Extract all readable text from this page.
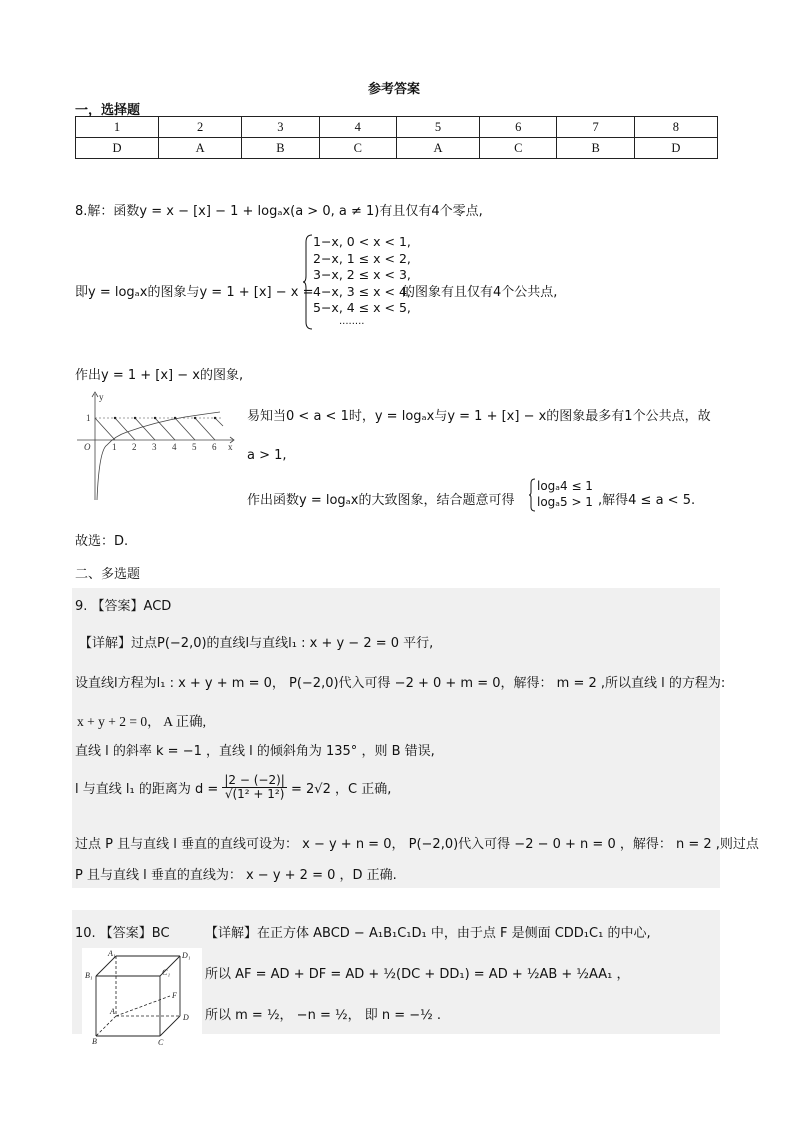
参考答案
一，选择题
1	2	3	4	5	6	7	8
D	A	B	C	A	C	B	D
8.解：函数y = x − [x] − 1 + logₐx(a > 0, a ≠ 1)有且仅有4个零点,
即y = logₐx的图象与y = 1 + [x] − x =
1−x, 0 < x < 1,
2−x, 1 ≤ x < 2,
3−x, 2 ≤ x < 3,
4−x, 3 ≤ x < 4,
5−x, 4 ≤ x < 5,
........
的图象有且仅有4个公共点,
作出y = 1 + [x] − x的图象,
y
x
O
1
1 2 3 4 5 6
易知当0 < a < 1时，y = logₐx与y = 1 + [x] − x的图象最多有1个公共点，故
a > 1,
作出函数y = logₐx的大致图象，结合题意可得
logₐ4 ≤ 1
logₐ5 > 1 ,解得4 ≤ a < 5.
故选：D.
二、多选题
9. 【答案】ACD
【详解】过点P(−2,0)的直线l与直线l₁ : x + y − 2 = 0 平行,
设直线l方程为l₁ : x + y + m = 0， P(−2,0)代入可得 −2 + 0 + m = 0，解得： m = 2 ,所以直线 l 的方程为:
x + y + 2 = 0， A 正确,
直线 l 的斜率 k = −1 ，直线 l 的倾斜角为 135° ，则 B 错误,
l 与直线 l₁ 的距离为 $d = \frac{|2 - (-2)|}{\text{√(1² + 1²)}} = 2√2$ ，C 正确,
过点 P 且与直线 l 垂直的直线可设为： x − y + n = 0， P(−2,0)代入可得 −2 − 0 + n = 0 ，解得： n = 2 ,则过点
P 且与直线 l 垂直的直线为： x − y + 2 = 0 ，D 正确.
10. 【答案】BC	【详解】在正方体 ABCD − A₁B₁C₁D₁ 中，由于点 F 是侧面 CDD₁C₁ 的中心,
所以 AF = AD + DF = AD + ½(DC + DD₁) = AD + ½AB + ½AA₁ ，
所以 m = ½， −n = ½， 即 n = −½ .
A₁	D₁
B₁	C₁
F
A
D
B	C
